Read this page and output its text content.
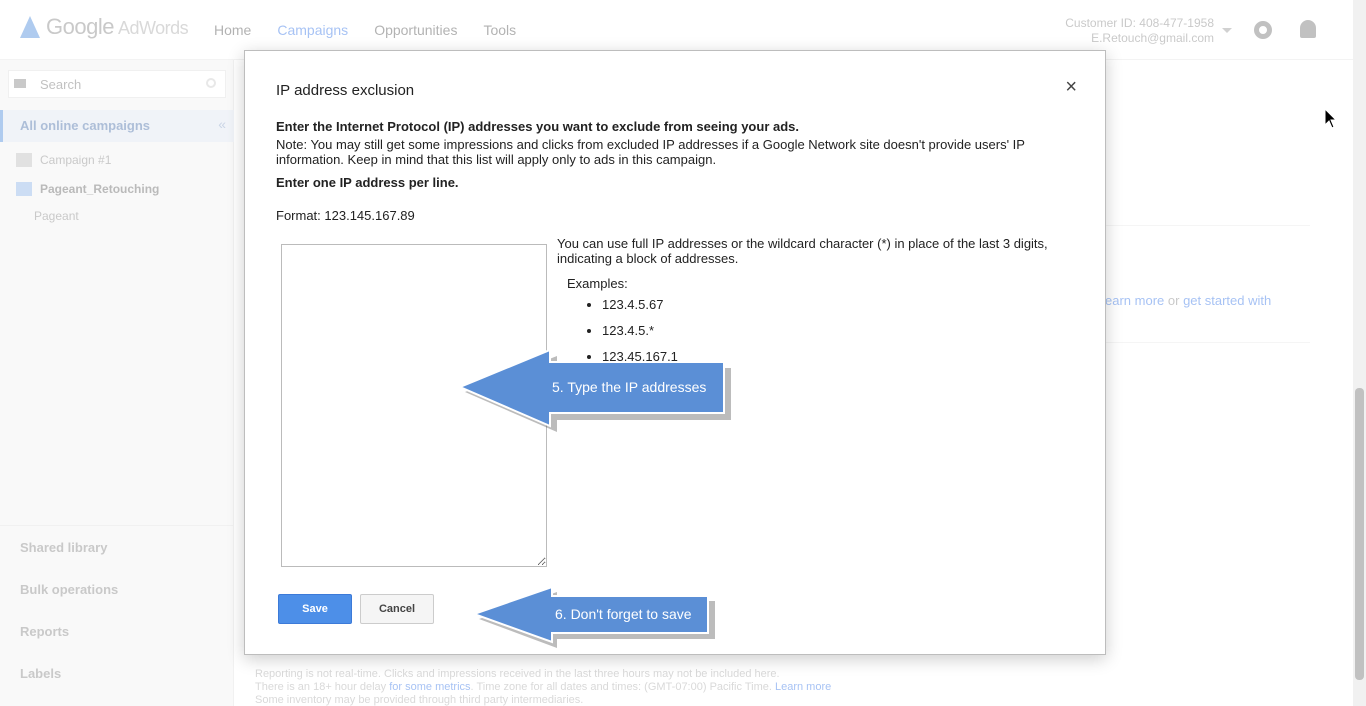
Search
IP address exclusion	×
Enter the Internet Protocol (IP) addresses you want to exclude from seeing your ads.
Note: You may still get some impressions and clicks from excluded IP addresses if a Google Network site doesn't provide users' IP information. Keep in mind that this list will apply only to ads in this campaign.
Enter one IP address per line.
Format: 123.145.167.89
You can use full IP addresses or the wildcard character (*) in place of the last 3 digits, indicating a block of addresses.
Examples:
• 123.4.5.67
• 123.4.5.*
• 123.45.167.1
Save	Cancel
5. Type the IP addresses
6. Don't forget to save
